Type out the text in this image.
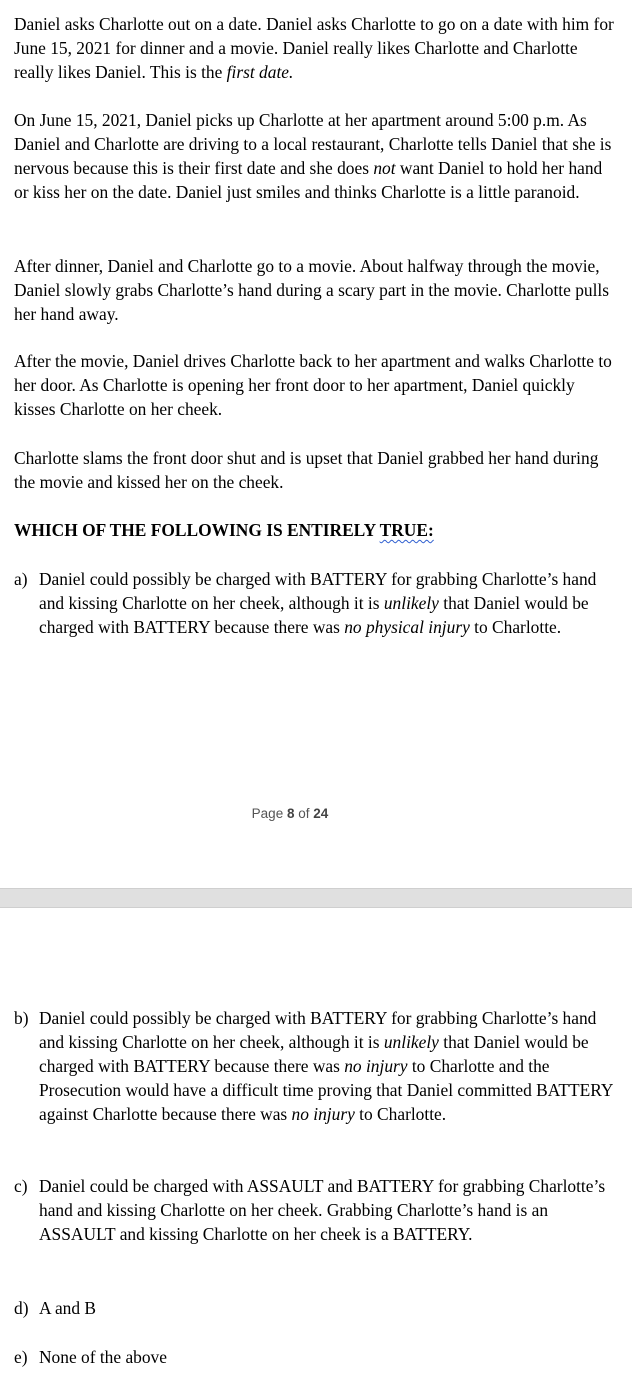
Daniel asks Charlotte out on a date. Daniel asks Charlotte to go on a date with him for June 15, 2021 for dinner and a movie. Daniel really likes Charlotte and Charlotte really likes Daniel. This is the first date.

On June 15, 2021, Daniel picks up Charlotte at her apartment around 5:00 p.m. As Daniel and Charlotte are driving to a local restaurant, Charlotte tells Daniel that she is nervous because this is their first date and she does not want Daniel to hold her hand or kiss her on the date. Daniel just smiles and thinks Charlotte is a little paranoid.

After dinner, Daniel and Charlotte go to a movie. About halfway through the movie, Daniel slowly grabs Charlotte’s hand during a scary part in the movie. Charlotte pulls her hand away.

After the movie, Daniel drives Charlotte back to her apartment and walks Charlotte to her door. As Charlotte is opening her front door to her apartment, Daniel quickly kisses Charlotte on her cheek.

Charlotte slams the front door shut and is upset that Daniel grabbed her hand during the movie and kissed her on the cheek.

WHICH OF THE FOLLOWING IS ENTIRELY TRUE:

a) Daniel could possibly be charged with BATTERY for grabbing Charlotte’s hand and kissing Charlotte on her cheek, although it is unlikely that Daniel would be charged with BATTERY because there was no physical injury to Charlotte.
Page 8 of 24
b) Daniel could possibly be charged with BATTERY for grabbing Charlotte’s hand and kissing Charlotte on her cheek, although it is unlikely that Daniel would be charged with BATTERY because there was no injury to Charlotte and the Prosecution would have a difficult time proving that Daniel committed BATTERY against Charlotte because there was no injury to Charlotte.
c) Daniel could be charged with ASSAULT and BATTERY for grabbing Charlotte’s hand and kissing Charlotte on her cheek. Grabbing Charlotte’s hand is an ASSAULT and kissing Charlotte on her cheek is a BATTERY.
d) A and B
e) None of the above
